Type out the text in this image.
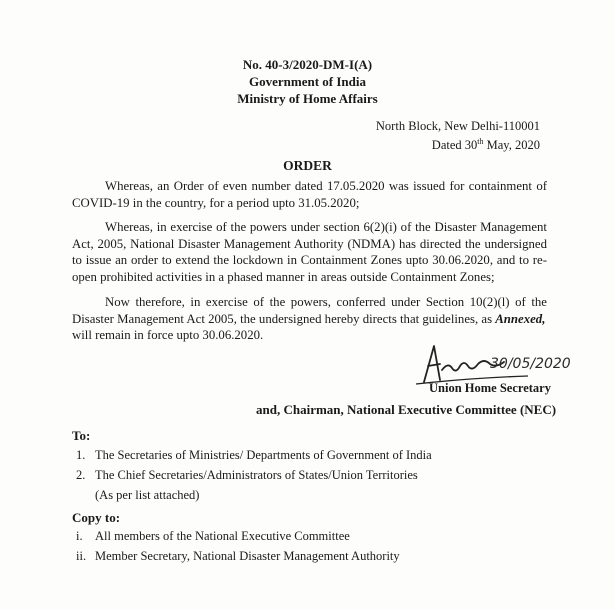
No. 40-3/2020-DM-I(A)
Government of India
Ministry of Home Affairs
North Block, New Delhi-110001
Dated 30th May, 2020
ORDER
Whereas, an Order of even number dated 17.05.2020 was issued for containment of
COVID-19 in the country, for a period upto 31.05.2020;
Whereas, in exercise of the powers under section 6(2)(i) of the Disaster Management
Act, 2005, National Disaster Management Authority (NDMA) has directed the undersigned
to issue an order to extend the lockdown in Containment Zones upto 30.06.2020, and to re-
open prohibited activities in a phased manner in areas outside Containment Zones;
Now therefore, in exercise of the powers, conferred under Section 10(2)(l) of the
Disaster Management Act 2005, the undersigned hereby directs that guidelines, as Annexed,
will remain in force upto 30.06.2020.
30/05/2020
Union Home Secretary
and, Chairman, National Executive Committee (NEC)
To:
1. The Secretaries of Ministries/ Departments of Government of India
2. The Chief Secretaries/Administrators of States/Union Territories
(As per list attached)
Copy to:
i. All members of the National Executive Committee
ii. Member Secretary, National Disaster Management Authority
